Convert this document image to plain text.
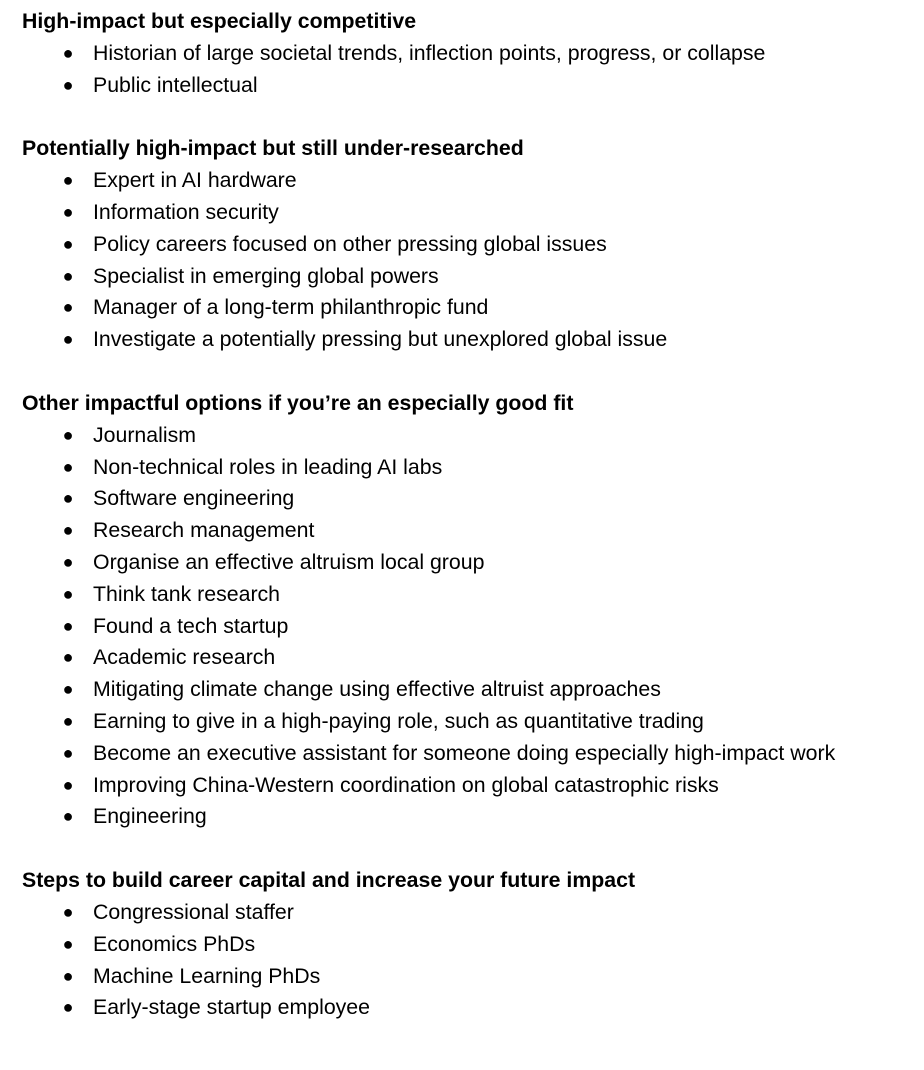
High-impact but especially competitive
● Historian of large societal trends, inflection points, progress, or collapse
● Public intellectual
Potentially high-impact but still under-researched
● Expert in AI hardware
● Information security
● Policy careers focused on other pressing global issues
● Specialist in emerging global powers
● Manager of a long-term philanthropic fund
● Investigate a potentially pressing but unexplored global issue
Other impactful options if you’re an especially good fit
● Journalism
● Non-technical roles in leading AI labs
● Software engineering
● Research management
● Organise an effective altruism local group
● Think tank research
● Found a tech startup
● Academic research
● Mitigating climate change using effective altruist approaches
● Earning to give in a high-paying role, such as quantitative trading
● Become an executive assistant for someone doing especially high-impact work
● Improving China-Western coordination on global catastrophic risks
● Engineering
Steps to build career capital and increase your future impact
● Congressional staffer
● Economics PhDs
● Machine Learning PhDs
● Early-stage startup employee
